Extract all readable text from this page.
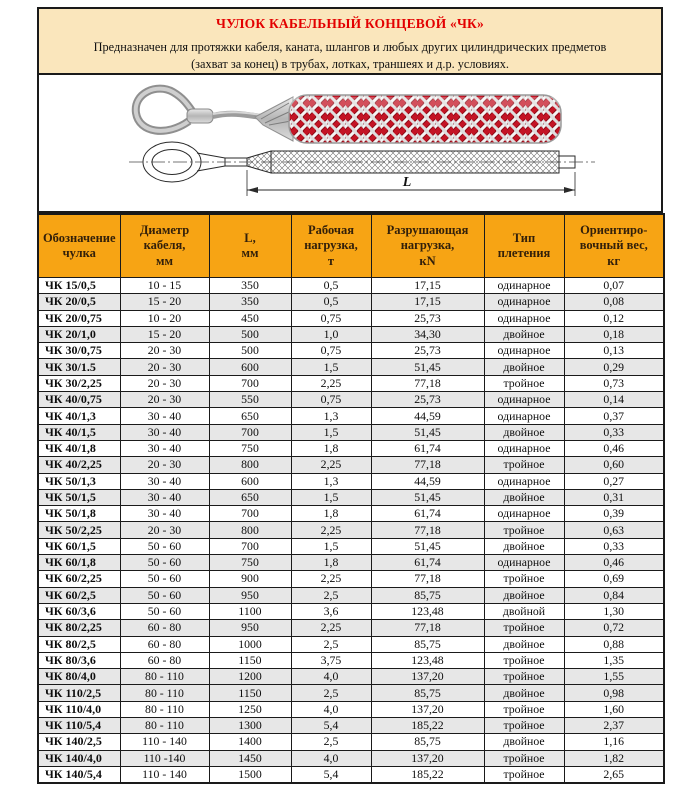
ЧУЛОК КАБЕЛЬНЫЙ КОНЦЕВОЙ «ЧК»
Предназначен для протяжки кабеля, каната, шлангов и любых других цилиндрических предметов
(захват за конец) в трубах, лотках, траншеях и д.р. условиях.
L
Обозначение
чулка

Диаметр
кабеля,
мм

L,
мм

Рабочая
нагрузка,
т

Разрушающая
нагрузка,
кN

Тип
плетения

Ориентиро-
вочный вес,
кг

ЧК 15/0,5	10 - 15	350	0,5	17,15	одинарное	0,07
ЧК 20/0,5	15 - 20	350	0,5	17,15	одинарное	0,08
ЧК 20/0,75	10 - 20	450	0,75	25,73	одинарное	0,12
ЧК 20/1,0	15 - 20	500	1,0	34,30	двойное	0,18
ЧК 30/0,75	20 - 30	500	0,75	25,73	одинарное	0,13
ЧК 30/1.5	20 - 30	600	1,5	51,45	двойное	0,29
ЧК 30/2,25	20 - 30	700	2,25	77,18	тройное	0,73
ЧК 40/0,75	20 - 30	550	0,75	25,73	одинарное	0,14
ЧК 40/1,3	30 - 40	650	1,3	44,59	одинарное	0,37
ЧК 40/1,5	30 - 40	700	1,5	51,45	двойное	0,33
ЧК 40/1,8	30 - 40	750	1,8	61,74	одинарное	0,46
ЧК 40/2,25	20 - 30	800	2,25	77,18	тройное	0,60
ЧК 50/1,3	30 - 40	600	1,3	44,59	одинарное	0,27
ЧК 50/1,5	30 - 40	650	1,5	51,45	двойное	0,31
ЧК 50/1,8	30 - 40	700	1,8	61,74	одинарное	0,39
ЧК 50/2,25	20 - 30	800	2,25	77,18	тройное	0,63
ЧК 60/1,5	50 - 60	700	1,5	51,45	двойное	0,33
ЧК 60/1,8	50 - 60	750	1,8	61,74	одинарное	0,46
ЧК 60/2,25	50 - 60	900	2,25	77,18	тройное	0,69
ЧК 60/2,5	50 - 60	950	2,5	85,75	двойное	0,84
ЧК 60/3,6	50 - 60	1100	3,6	123,48	двойной	1,30
ЧК 80/2,25	60 - 80	950	2,25	77,18	тройное	0,72
ЧК 80/2,5	60 - 80	1000	2,5	85,75	двойное	0,88
ЧК 80/3,6	60 - 80	1150	3,75	123,48	тройное	1,35
ЧК 80/4,0	80 - 110	1200	4,0	137,20	тройное	1,55
ЧК 110/2,5	80 - 110	1150	2,5	85,75	двойное	0,98
ЧК 110/4,0	80 - 110	1250	4,0	137,20	тройное	1,60
ЧК 110/5,4	80 - 110	1300	5,4	185,22	тройное	2,37
ЧК 140/2,5	110 - 140	1400	2,5	85,75	двойное	1,16
ЧК 140/4,0	110 -140	1450	4,0	137,20	тройное	1,82
ЧК 140/5,4	110 - 140	1500	5,4	185,22	тройное	2,65
